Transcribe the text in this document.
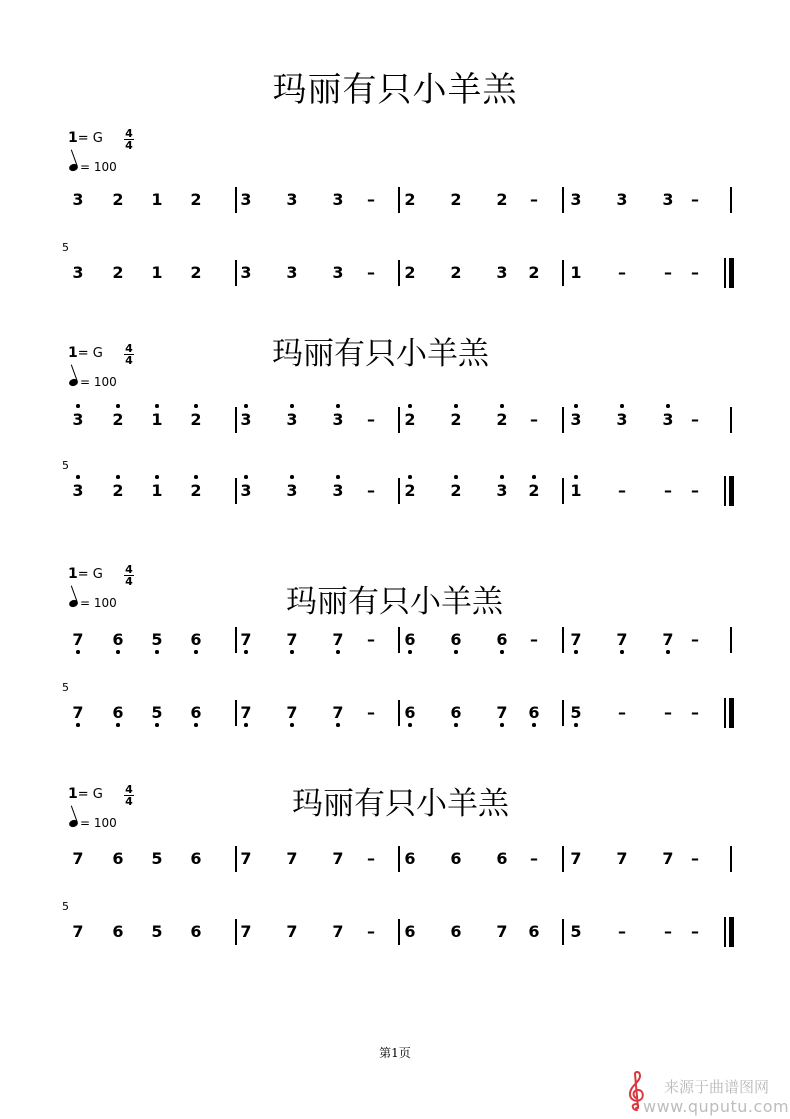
玛丽有只小羊羔
1= G 4
4
= 100
3 2 1 2 3 3 3	–	2 2 2	–	3 3 3	–
5
3 2 1 2 3 3 3	–	2 2 3 2 1	–	–	–
玛丽有只小羊羔
1= G 4
4
= 100
3 2 1 2 3 3 3	–	2 2 2	–	3 3 3	–
5
3 2 1 2 3 3 3	–	2 2 3 2 1	–	–	–
玛丽有只小羊羔
1= G 4
4
= 100
7 6 5 6 7 7 7	–	6 6 6	–	7 7 7	–
5
7 6 5 6 7 7 7	–	6 6 7 6 5	–	–	–
玛丽有只小羊羔
1= G 4
4
= 100
7 6 5 6 7 7 7	–	6 6 6	–	7 7 7	–
5
7 6 5 6 7 7 7	–	6 6 7 6 5	–	–	–
第1页
来源于曲谱图网
www.quputu.com
